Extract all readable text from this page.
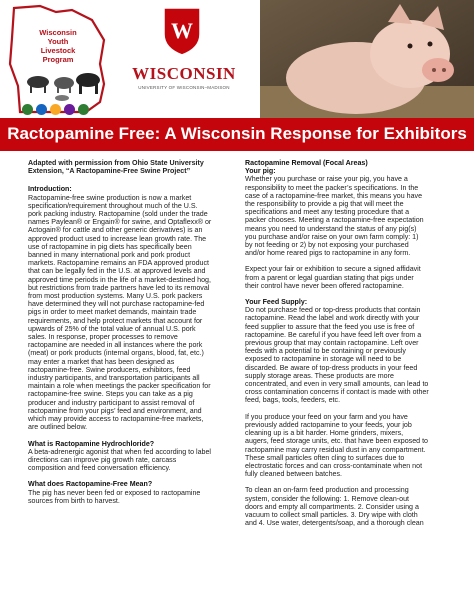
Wisconsin
Youth
Livestock
Program
W
WISCONSIN
UNIVERSITY OF WISCONSIN–MADISON
Ractopamine Free: A Wisconsin Response for Exhibitors

Adapted with permission from Ohio State University
Extension, “A Ractopamine-Free Swine Project”

Introduction:

Ractopamine-free swine production is now a market
specification/requirement throughout much of the U.S.
pork packing industry. Ractopamine (sold under the trade
names Paylean® or Engain® for swine, and Optaflexx® or
Actogain® for cattle and other generic derivatives) is an
approved product used to increase lean growth rate. The
use of ractopamine in pig diets has specifically been
banned in many international pork and pork product
markets. Ractopamine remains an FDA approved product
that can be legally fed in the U.S. at approved levels and
approved time periods in the life of a market-destined hog,
but restrictions from trade partners have led to its removal
from most production systems. Many U.S. pork packers
have determined they will not purchase ractopamine-fed
pigs in order to meet market demands, maintain trade
requirements, and help protect markets that account for
upwards of 25% of the total value of annual U.S. pork
sales. In response, proper processes to remove
ractopamine are needed in all instances where the pork
(meat) or pork products (internal organs, blood, fat, etc.)
may enter a market that has been designed as
ractopamine-free. Swine producers, exhibitors, feed
industry participants, and transportation participants all
maintain a role when meetings the packer specification for
ractopamine-free swine. Steps you can take as a pig
producer and industry participant to assist removal of
ractopamine from your pigs’ feed and environment, and
which may provide access to ractopamine-free markets,
are outlined below.

What is Ractopamine Hydrochloride?

A beta-adrenergic agonist that when fed according to label
directions can improve pig growth rate, carcass
composition and feed conversation efficiency.

What does Ractopamine-Free Mean?

The pig has never been fed or exposed to ractopamine
sources from birth to harvest.

Ractopamine Removal (Focal Areas)

Your pig:

Whether you purchase or raise your pig, you have a
responsibility to meet the packer’s specifications. In the
case of a ractopamine-free market, this means you have
the responsibility to provide a pig that will meet the
specifications and meet any testing procedure that a
packer chooses. Meeting a ractopamine-free expectation
means you need to understand the status of any pig(s)
you purchase and/or raise on your own farm comply: 1)
by not feeding or 2) by not exposing your purchased
and/or home reared pigs to ractopamine in any form.

Expect your fair or exhibition to secure a signed affidavit
from a parent or legal guardian stating that pigs under
their control have never been offered ractopamine.

Your Feed Supply:

Do not purchase feed or top-dress products that contain
ractopamine. Read the label and work directly with your
feed supplier to assure that the feed you use is free of
ractopamine. Be careful if you have feed left over from a
previous group that may contain ractopamine. Left over
feeds with a potential to be containing or previously
exposed to ractopamine in storage will need to be
discarded. Be aware of top-dress products in your feed
supply storage areas. These products are more
concentrated, and even in very small amounts, can lead to
cross contamination concerns if contact is made with other
feed, bags, tools, feeders, etc.

If you produce your feed on your farm and you have
previously added ractopamine to your feeds, your job
cleaning up is a bit harder. Home grinders, mixers,
augers, feed storage units, etc. that have been exposed to
ractopamine may carry residual dust in any compartment.
These small particles often cling to surfaces due to
electrostatic forces and can cross-contaminate when not
fully cleaned between batches.

To clean an on-farm feed production and processing
system, consider the following: 1. Remove clean-out
doors and empty all compartments. 2. Consider using a
vacuum to collect small particles. 3. Dry wipe with cloth
and 4. Use water, detergents/soap, and a thorough clean
